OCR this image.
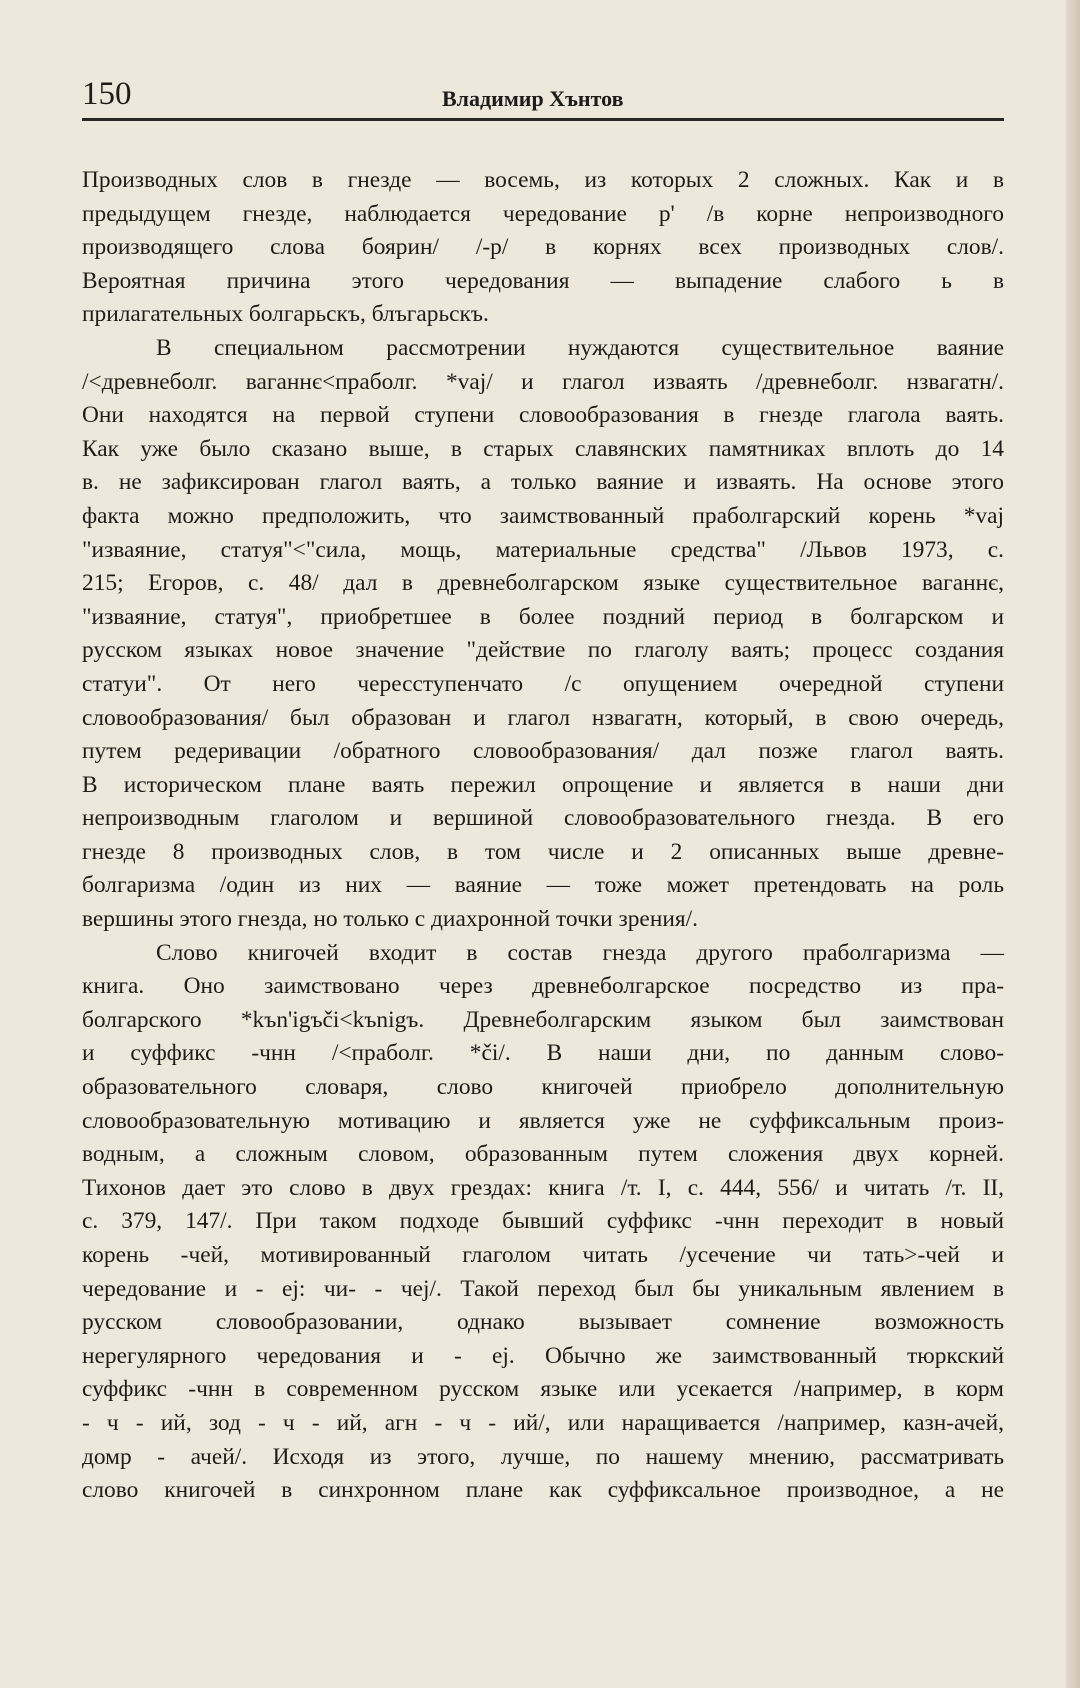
150	Владимир Хънтов
Производных слов в гнезде — восемь, из которых 2 сложных. Как и в
предыдущем гнезде, наблюдается чередование р' /в корне непроизводного
производящего слова боярин/ /-р/ в корнях всех производных слов/.
Вероятная причина этого чередования — выпадение слабого ь в
прилагательных болгарьскъ, блъгарьскъ.
В специальном рассмотрении нуждаются существительное ваяние
/<древнеболг. ваганнє<праболг. *vaj/ и глагол изваять /древнеболг. нзвагатн/.
Они находятся на первой ступени словообразования в гнезде глагола ваять.
Как уже было сказано выше, в старых славянских памятниках вплоть до 14
в. не зафиксирован глагол ваять, а только ваяние и изваять. На основе этого
факта можно предположить, что заимствованный праболгарский корень *vaj
"изваяние, статуя"<"сила, мощь, материальные средства" /Львов 1973, с.
215; Егоров, с. 48/ дал в древнеболгарском языке существительное ваганнє,
"изваяние, статуя", приобретшее в более поздний период в болгарском и
русском языках новое значение "действие по глаголу ваять; процесс создания
статуи". От него чересступенчато /с опущением очередной ступени
словообразования/ был образован и глагол нзвагатн, который, в свою очередь,
путем редеривации /обратного словообразования/ дал позже глагол ваять.
В историческом плане ваять пережил опрощение и является в наши дни
непроизводным глаголом и вершиной словообразовательного гнезда. В его
гнезде 8 производных слов, в том числе и 2 описанных выше древне-
болгаризма /один из них — ваяние — тоже может претендовать на роль
вершины этого гнезда, но только с диахронной точки зрения/.
Слово книгочей входит в состав гнезда другого праболгаризма —
книга. Оно заимствовано через древнеболгарское посредство из пра-
болгарского *kъn'igъči<kъnigъ. Древнеболгарским языком был заимствован
и суффикс -чнн /<праболг. *či/. В наши дни, по данным слово-
образовательного словаря, слово книгочей приобрело дополнительную
словообразовательную мотивацию и является уже не суффиксальным произ-
водным, а сложным словом, образованным путем сложения двух корней.
Тихонов дает это слово в двух грездах: книга /т. I, с. 444, 556/ и читать /т. II,
с. 379, 147/. При таком подходе бывший суффикс -чнн переходит в новый
корень -чей, мотивированный глаголом читать /усечение чи тать>-чей и
чередование и - еj: чи- - чеj/. Такой переход был бы уникальным явлением в
русском словообразовании, однако вызывает сомнение возможность
нерегулярного чередования и - еj. Обычно же заимствованный тюркский
суффикс -чнн в современном русском языке или усекается /например, в корм
- ч - ий, зод - ч - ий, агн - ч - ий/, или наращивается /например, казн-ачей,
домр - ачей/. Исходя из этого, лучше, по нашему мнению, рассматривать
слово книгочей в синхронном плане как суффиксальное производное, а не
